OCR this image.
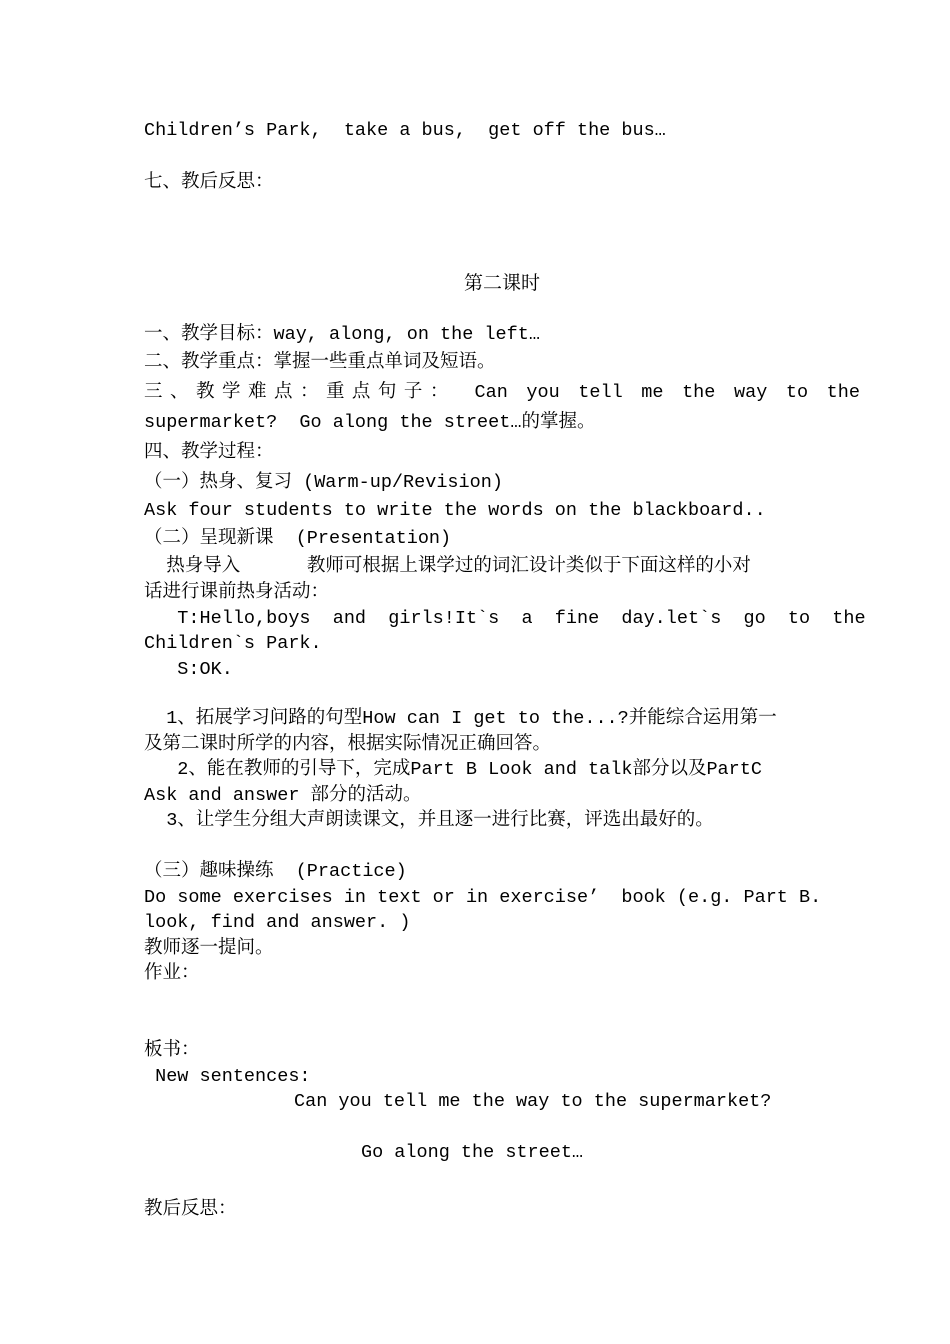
Children’s Park,  take a bus,  get off the bus…
七、教后反思：
第二课时
一、教学目标：way, along, on the left…
二、教学重点：掌握一些重点单词及短语。
三、教学难点：重点句子： Can you tell me the way to the
supermarket?  Go along the street…的掌握。
四、教学过程：
（一）热身、复习 (Warm-up/Revision)
Ask four students to write the words on the blackboard..
（二）呈现新课  (Presentation)
热身导入      教师可根据上课学过的词汇设计类似于下面这样的小对
话进行课前热身活动：
T:Hello,boys  and  girls!It`s  a  fine  day.let`s  go  to  the
Children`s Park.
S:OK.
1、拓展学习问路的句型How can I get to the...?并能综合运用第一
及第二课时所学的内容，根据实际情况正确回答。
2、能在教师的引导下，完成Part B Look and talk部分以及PartC
Ask and answer 部分的活动。
3、让学生分组大声朗读课文，并且逐一进行比赛，评选出最好的。
（三）趣味操练  (Practice)
Do some exercises in text or in exercise’  book (e.g. Part B.
look, find and answer. )
教师逐一提问。
作业：
板书：
New sentences:
Can you tell me the way to the supermarket?
Go along the street…
教后反思：
